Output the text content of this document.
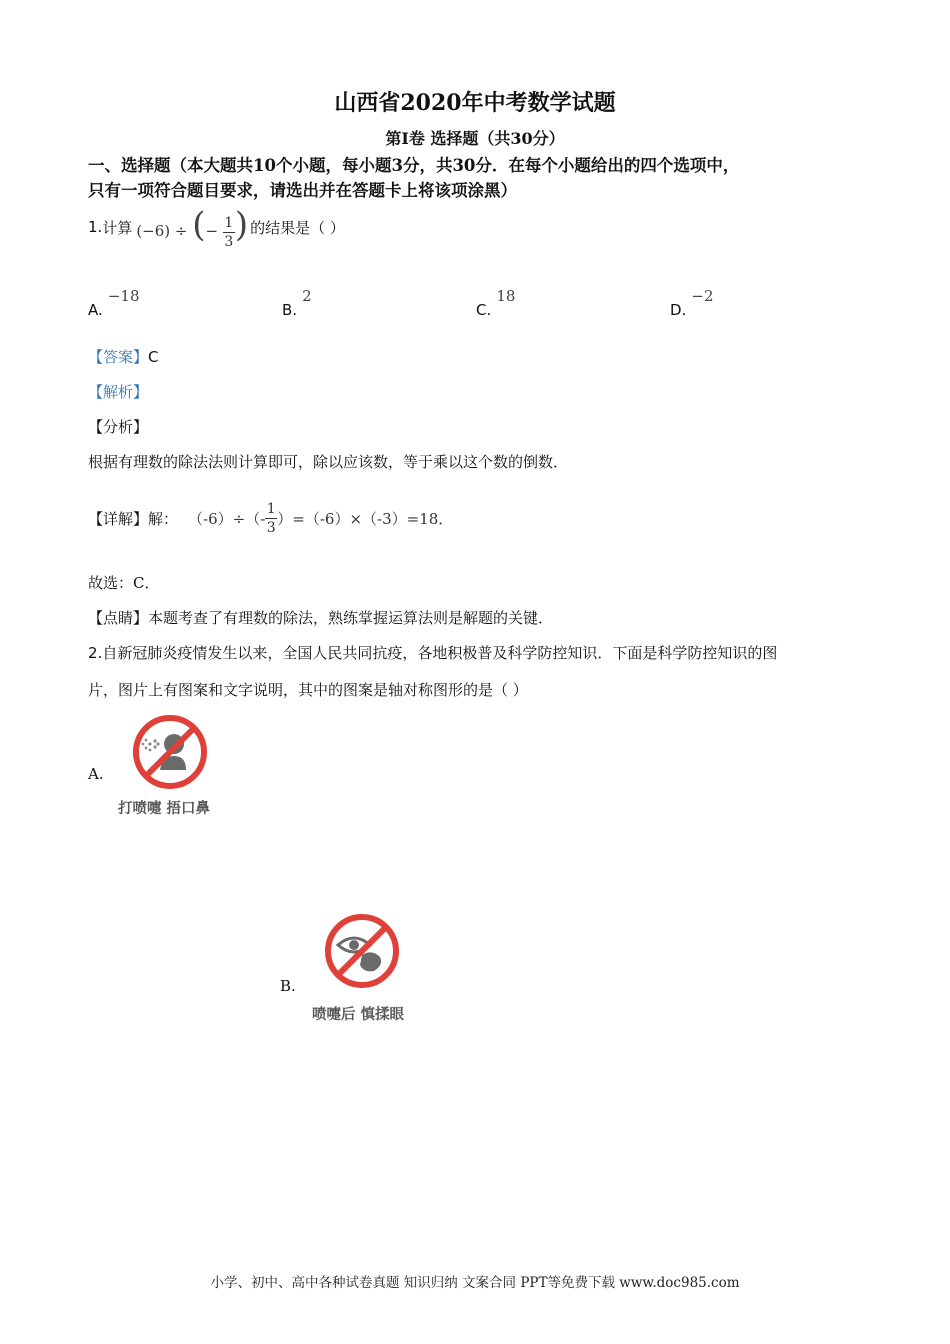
山西省2020年中考数学试题
第Ⅰ卷 选择题（共30分）
一、选择题（本大题共10个小题，每小题3分，共30分．在每个小题给出的四个选项中，
只有一项符合题目要求，请选出并在答题卡上将该项涂黑）
1. 计算 (−6) ÷ (− $\frac{1}{3}$ ) 的结果是（ ）
A. −18
B. 2
C. 18
D. −2
【答案】C
【解析】
【分析】
根据有理数的除法法则计算即可，除以应该数，等于乘以这个数的倒数．
【详解】解： $(-6)\div(- \frac{1}{3} )=(-6)\times(-3)=18$．
故选：C．
【点睛】本题考查了有理数的除法，熟练掌握运算法则是解题的关键．
2.自新冠肺炎疫情发生以来，全国人民共同抗疫，各地积极普及科学防控知识．下面是科学防控知识的图
片，图片上有图案和文字说明，其中的图案是轴对称图形的是（ ）
A.
打喷嚏 捂口鼻
B.
喷嚏后 慎揉眼
小学、初中、高中各种试卷真题 知识归纳 文案合同 PPT等免费下载 www.doc985.com
